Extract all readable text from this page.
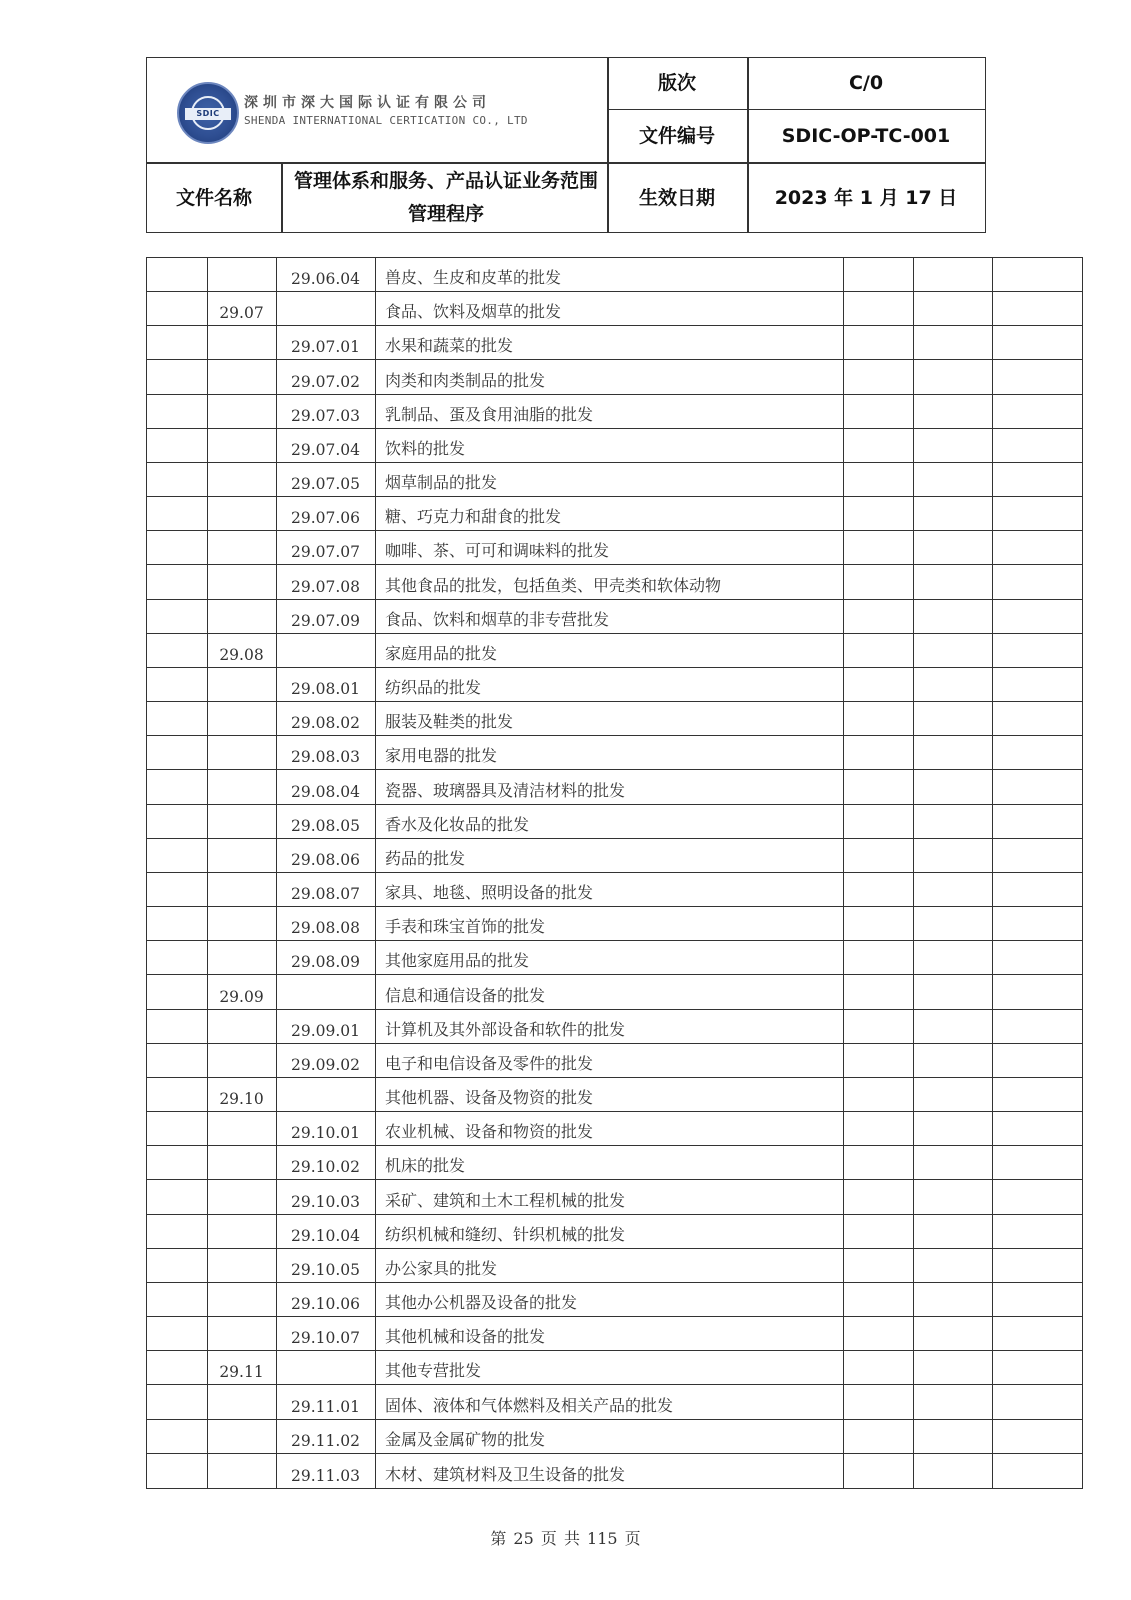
SDIC
深圳市深大国际认证有限公司
SHENDA INTERNATIONAL CERTICATION CO., LTD
版次	C/0
文件编号	SDIC-OP-TC-001
文件名称
管理体系和服务、产品认证业务范围管理程序
生效日期	2023 年 1 月 17 日
29.06.04	兽皮、生皮和皮革的批发
29.07	食品、饮料及烟草的批发
29.07.01	水果和蔬菜的批发
29.07.02	肉类和肉类制品的批发
29.07.03	乳制品、蛋及食用油脂的批发
29.07.04	饮料的批发
29.07.05	烟草制品的批发
29.07.06	糖、巧克力和甜食的批发
29.07.07	咖啡、茶、可可和调味料的批发
29.07.08	其他食品的批发，包括鱼类、甲壳类和软体动物
29.07.09	食品、饮料和烟草的非专营批发
29.08	家庭用品的批发
29.08.01	纺织品的批发
29.08.02	服装及鞋类的批发
29.08.03	家用电器的批发
29.08.04	瓷器、玻璃器具及清洁材料的批发
29.08.05	香水及化妆品的批发
29.08.06	药品的批发
29.08.07	家具、地毯、照明设备的批发
29.08.08	手表和珠宝首饰的批发
29.08.09	其他家庭用品的批发
29.09	信息和通信设备的批发
29.09.01	计算机及其外部设备和软件的批发
29.09.02	电子和电信设备及零件的批发
29.10	其他机器、设备及物资的批发
29.10.01	农业机械、设备和物资的批发
29.10.02	机床的批发
29.10.03	采矿、建筑和土木工程机械的批发
29.10.04	纺织机械和缝纫、针织机械的批发
29.10.05	办公家具的批发
29.10.06	其他办公机器及设备的批发
29.10.07	其他机械和设备的批发
29.11	其他专营批发
29.11.01	固体、液体和气体燃料及相关产品的批发
29.11.02	金属及金属矿物的批发
29.11.03	木材、建筑材料及卫生设备的批发
第 25 页 共 115 页
